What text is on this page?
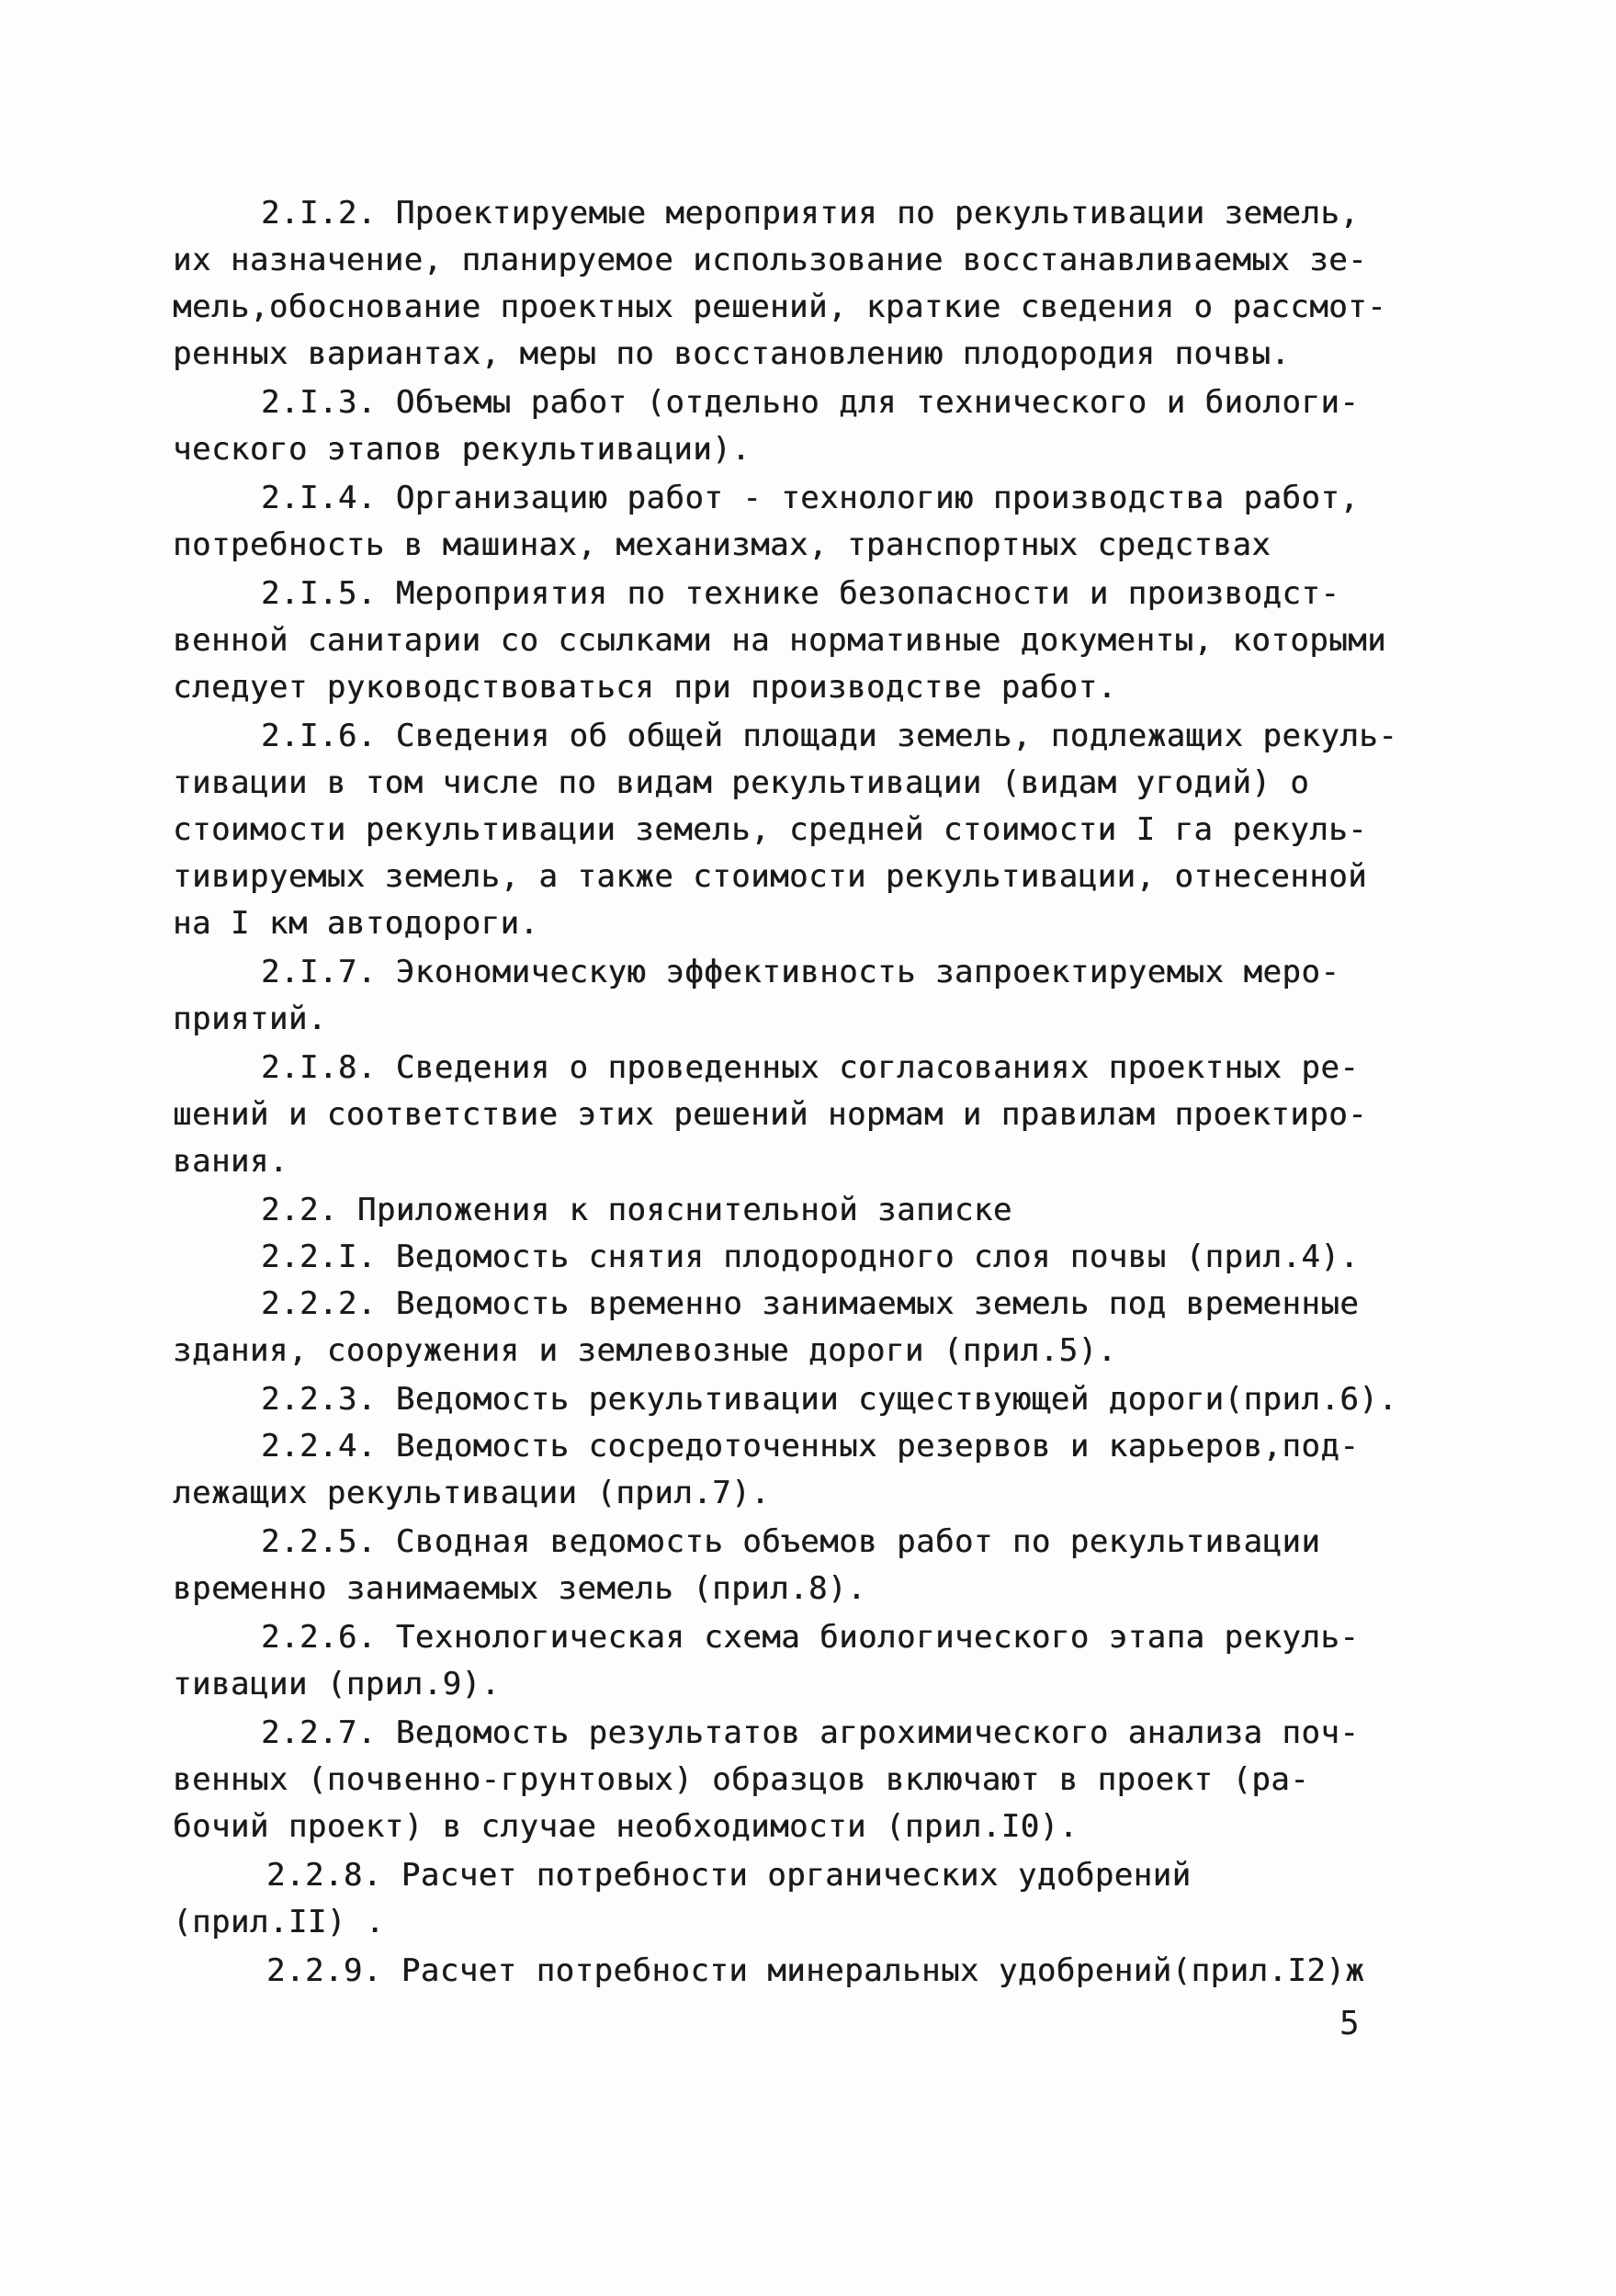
2.I.2. Проектируемые мероприятия по рекультивации земель,
их назначение, планируемое использование восстанавливаемых зе-
мель,обоснование проектных решений, краткие сведения о рассмот-
ренных вариантах, меры по восстановлению плодородия почвы.
2.I.3. Объемы работ (отдельно для технического и биологи-
ческого этапов рекультивации).
2.I.4. Организацию работ - технологию производства работ,
потребность в машинах, механизмах, транспортных средствах
2.I.5. Мероприятия по технике безопасности и производст-
венной санитарии со ссылками на нормативные документы, которыми
следует руководствоваться при производстве работ.
2.I.6. Сведения об общей площади земель, подлежащих рекуль-
тивации в том числе по видам рекультивации (видам угодий) о
стоимости рекультивации земель, средней стоимости I га рекуль-
тивируемых земель, а также стоимости рекультивации, отнесенной
на I км автодороги.
2.I.7. Экономическую эффективность запроектируемых меро-
приятий.
2.I.8. Сведения о проведенных согласованиях проектных ре-
шений и соответствие этих решений нормам и правилам проектиро-
вания.
2.2. Приложения к пояснительной записке
2.2.I. Ведомость снятия плодородного слоя почвы (прил.4).
2.2.2. Ведомость временно занимаемых земель под временные
здания, сооружения и землевозные дороги (прил.5).
2.2.3. Ведомость рекультивации существующей дороги(прил.6).
2.2.4. Ведомость сосредоточенных резервов и карьеров,под-
лежащих рекультивации (прил.7).
2.2.5. Сводная ведомость объемов работ по рекультивации
временно занимаемых земель (прил.8).
2.2.6. Технологическая схема биологического этапа рекуль-
тивации (прил.9).
2.2.7. Ведомость результатов агрохимического анализа поч-
венных (почвенно-грунтовых) образцов включают в проект (ра-
бочий проект) в случае необходимости (прил.I0).
2.2.8. Расчет потребности органических удобрений
(прил.II) .
2.2.9. Расчет потребности минеральных удобрений(прил.I2)ж
5
